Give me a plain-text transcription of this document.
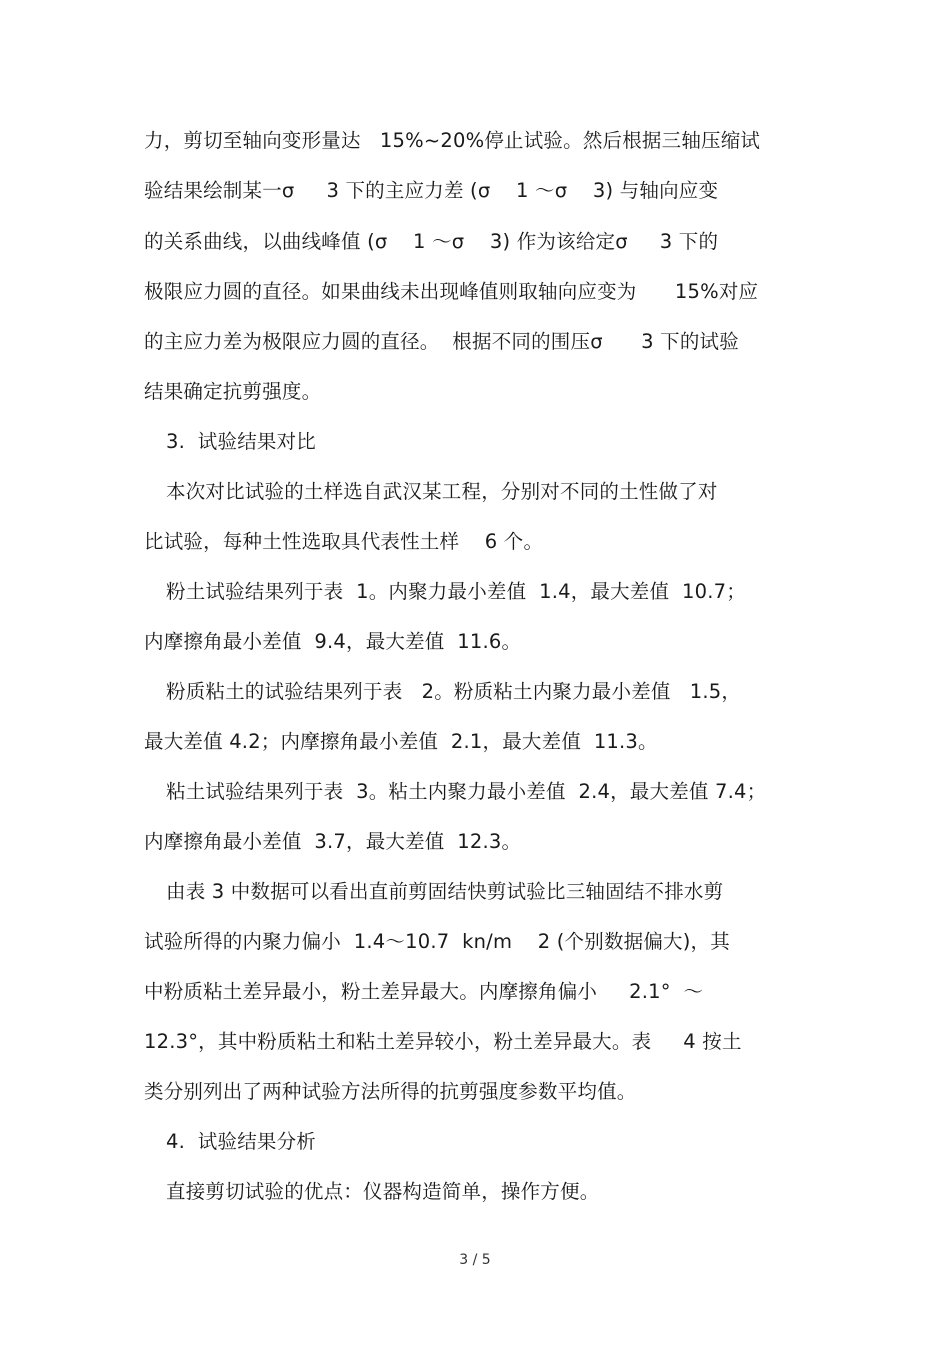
力，剪切至轴向变形量达   15%~20%停止试验。然后根据三轴压缩试
验结果绘制某一σ     3 下的主应力差 (σ    1 ～σ    3) 与轴向应变
的关系曲线，以曲线峰值 (σ    1 ～σ    3) 作为该给定σ     3 下的
极限应力圆的直径。如果曲线未出现峰值则取轴向应变为      15%对应
的主应力差为极限应力圆的直径。  根据不同的围压σ      3 下的试验
结果确定抗剪强度。
3.  试验结果对比
本次对比试验的土样选自武汉某工程，分别对不同的土性做了对
比试验，每种土性选取具代表性土样    6 个。
粉土试验结果列于表  1。内聚力最小差值  1.4，最大差值  10.7；
内摩擦角最小差值  9.4，最大差值  11.6。
粉质粘土的试验结果列于表   2。粉质粘土内聚力最小差值   1.5，
最大差值 4.2；内摩擦角最小差值  2.1，最大差值  11.3。
粘土试验结果列于表  3。粘土内聚力最小差值  2.4，最大差值 7.4；
内摩擦角最小差值  3.7，最大差值  12.3。
由表 3 中数据可以看出直前剪固结快剪试验比三轴固结不排水剪
试验所得的内聚力偏小  1.4～10.7  kn/m    2 (个别数据偏大)，其
中粉质粘土差异最小，粉土差异最大。内摩擦角偏小     2.1°  ～
12.3°，其中粉质粘土和粘土差异较小，粉土差异最大。表     4 按土
类分别列出了两种试验方法所得的抗剪强度参数平均值。
4.  试验结果分析
直接剪切试验的优点：仪器构造简单，操作方便。
3 / 5
